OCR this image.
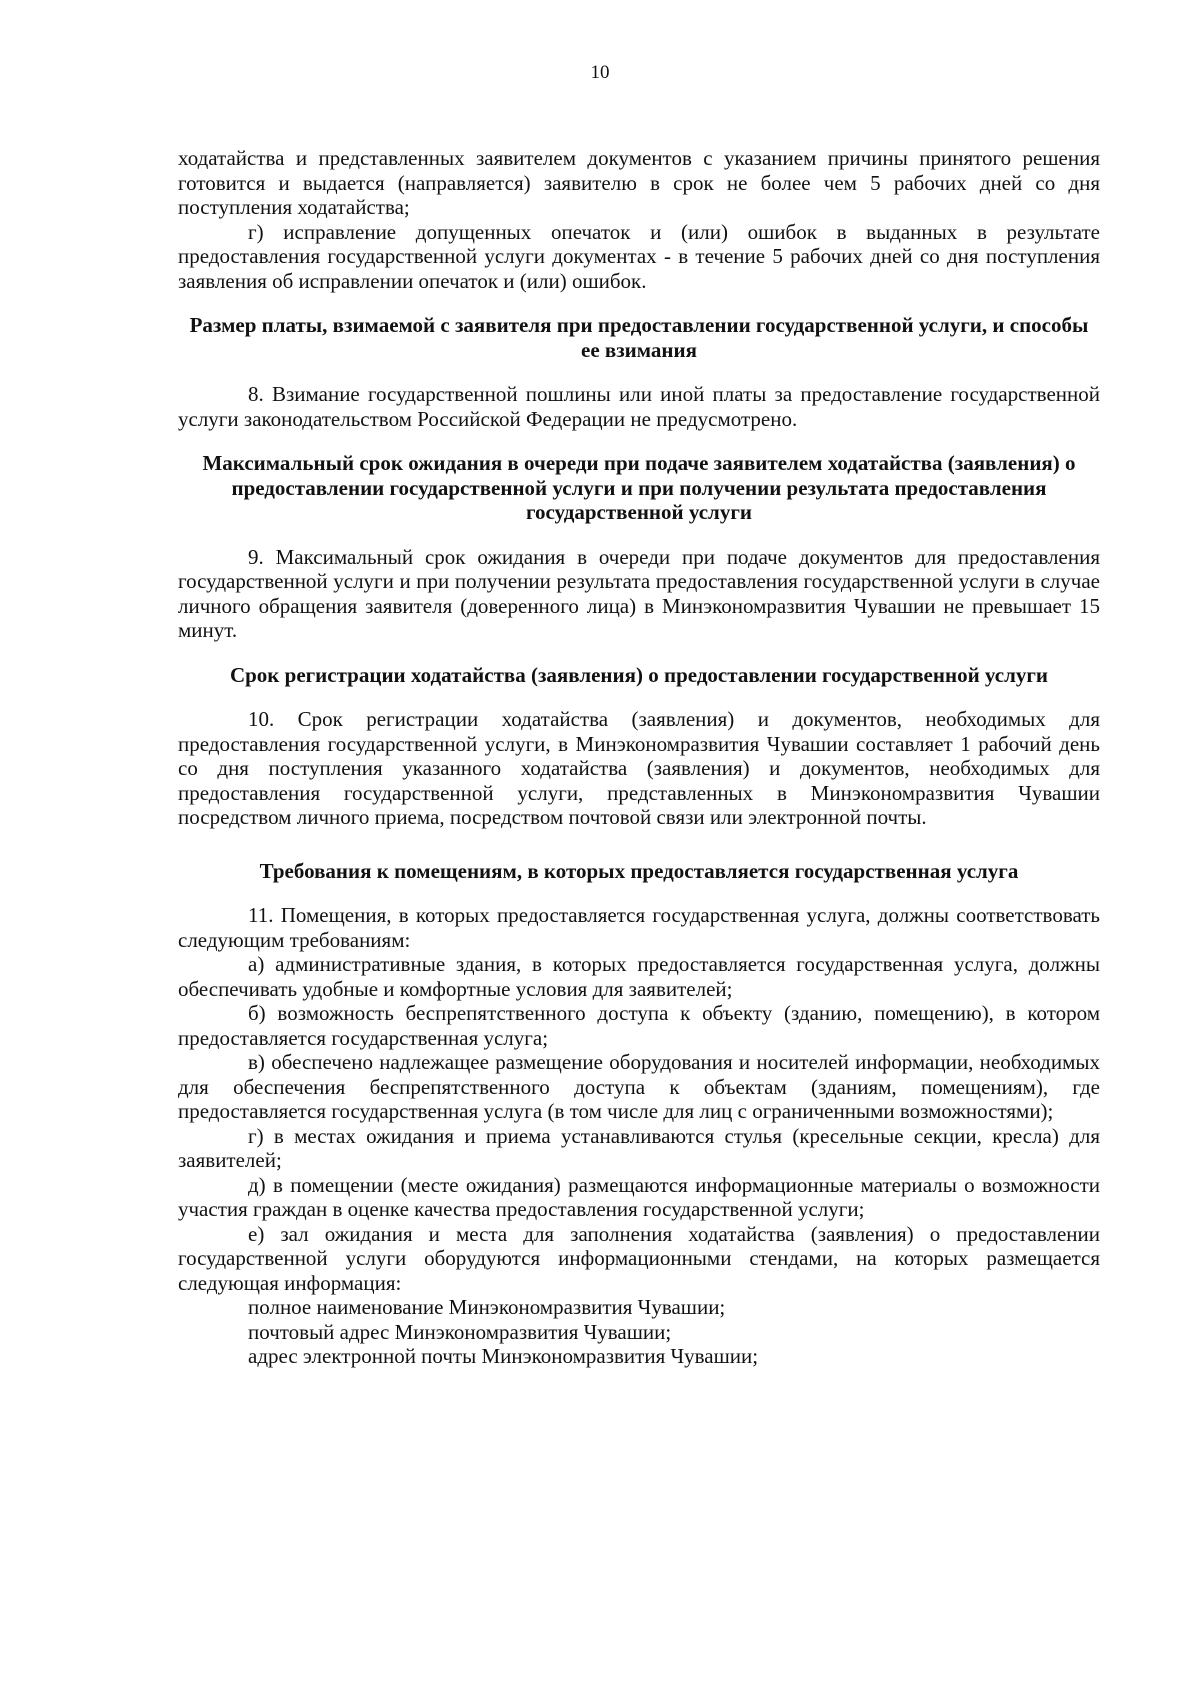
10

ходатайства и представленных заявителем документов с указанием причины принятого решения готовится и выдается (направляется) заявителю в срок не более чем 5 рабочих дней со дня поступления ходатайства;

г) исправление допущенных опечаток и (или) ошибок в выданных в результате предоставления государственной услуги документах - в течение 5 рабочих дней со дня поступления заявления об исправлении опечаток и (или) ошибок.

Размер платы, взимаемой с заявителя при предоставлении государственной услуги, и способы ее взимания

8. Взимание государственной пошлины или иной платы за предоставление государственной услуги законодательством Российской Федерации не предусмотрено.

Максимальный срок ожидания в очереди при подаче заявителем ходатайства (заявления) о предоставлении государственной услуги и при получении результата предоставления государственной услуги

9. Максимальный срок ожидания в очереди при подаче документов для предоставления государственной услуги и при получении результата предоставления государственной услуги в случае личного обращения заявителя (доверенного лица) в Минэкономразвития Чувашии не превышает 15 минут.

Срок регистрации ходатайства (заявления) о предоставлении государственной услуги

10. Срок регистрации ходатайства (заявления) и документов, необходимых для предоставления государственной услуги, в Минэкономразвития Чувашии составляет 1 рабочий день со дня поступления указанного ходатайства (заявления) и документов, необходимых для предоставления государственной услуги, представленных в Минэкономразвития Чувашии посредством личного приема, посредством почтовой связи или электронной почты.

Требования к помещениям, в которых предоставляется государственная услуга

11. Помещения, в которых предоставляется государственная услуга, должны соответствовать следующим требованиям:

а) административные здания, в которых предоставляется государственная услуга, должны обеспечивать удобные и комфортные условия для заявителей;

б) возможность беспрепятственного доступа к объекту (зданию, помещению), в котором предоставляется государственная услуга;

в) обеспечено надлежащее размещение оборудования и носителей информации, необходимых для обеспечения беспрепятственного доступа к объектам (зданиям, помещениям), где предоставляется государственная услуга (в том числе для лиц с ограниченными возможностями);

г) в местах ожидания и приема устанавливаются стулья (кресельные секции, кресла) для заявителей;

д) в помещении (месте ожидания) размещаются информационные материалы о возможности участия граждан в оценке качества предоставления государственной услуги;

е) зал ожидания и места для заполнения ходатайства (заявления) о предоставлении государственной услуги оборудуются информационными стендами, на которых размещается следующая информация:

полное наименование Минэкономразвития Чувашии;

почтовый адрес Минэкономразвития Чувашии;

адрес электронной почты Минэкономразвития Чувашии;
